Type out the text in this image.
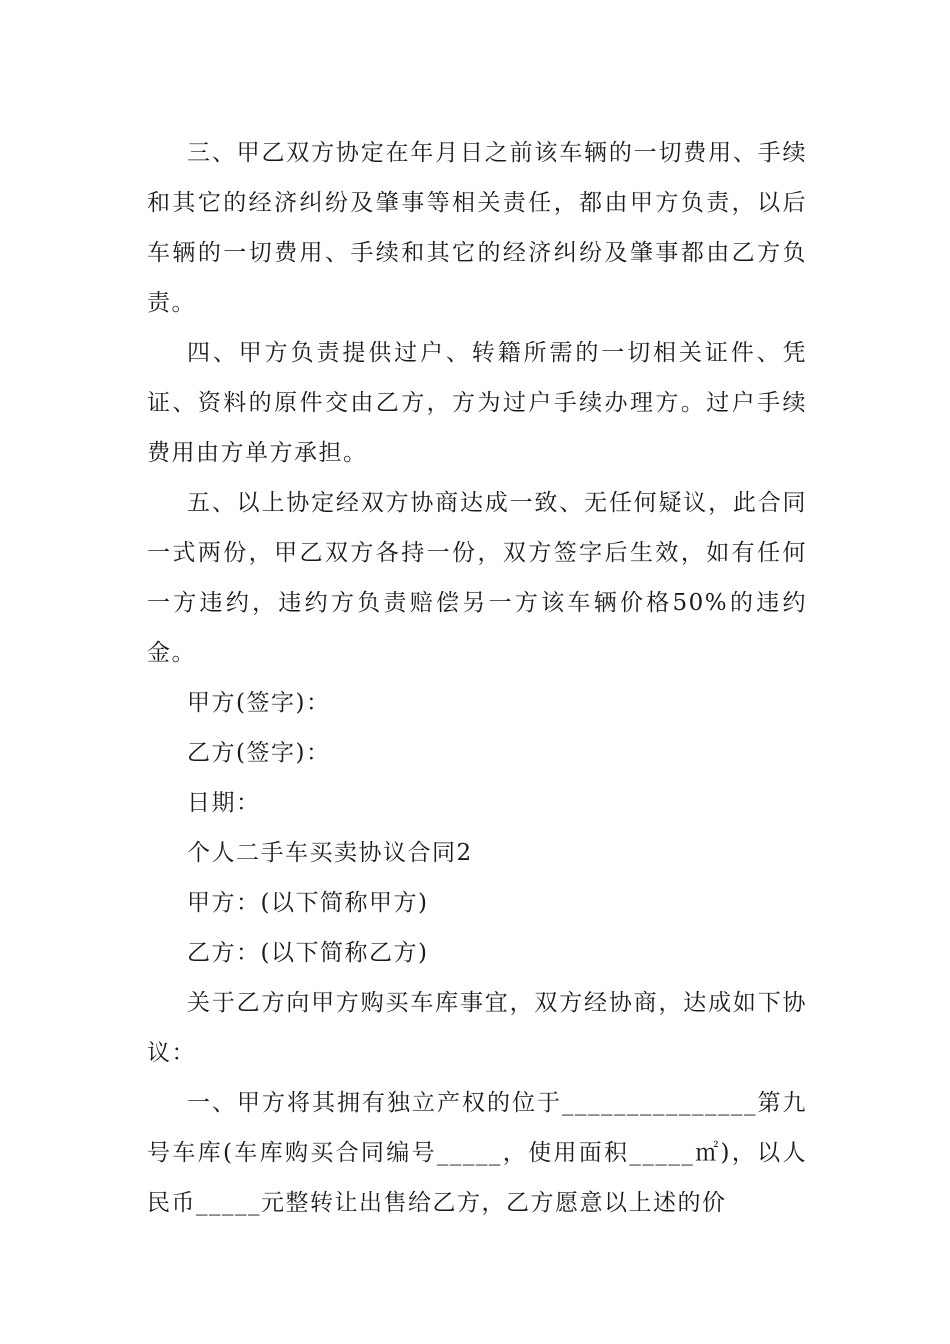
三、甲乙双方协定在年月日之前该车辆的一切费用、手续和其它的经济纠纷及肇事等相关责任，都由甲方负责，以后车辆的一切费用、手续和其它的经济纠纷及肇事都由乙方负责。

四、甲方负责提供过户、转籍所需的一切相关证件、凭证、资料的原件交由乙方，方为过户手续办理方。过户手续费用由方单方承担。

五、以上协定经双方协商达成一致、无任何疑议，此合同一式两份，甲乙双方各持一份，双方签字后生效，如有任何一方违约，违约方负责赔偿另一方该车辆价格50%的违约金。

甲方(签字)：

乙方(签字)：

日期：

个人二手车买卖协议合同2

甲方：(以下简称甲方)

乙方：(以下简称乙方)

关于乙方向甲方购买车库事宜，双方经协商，达成如下协议：

一、甲方将其拥有独立产权的位于_______________第九号车库(车库购买合同编号_____，使用面积_____㎡)，以人民币_____元整转让出售给乙方，乙方愿意以上述的价
